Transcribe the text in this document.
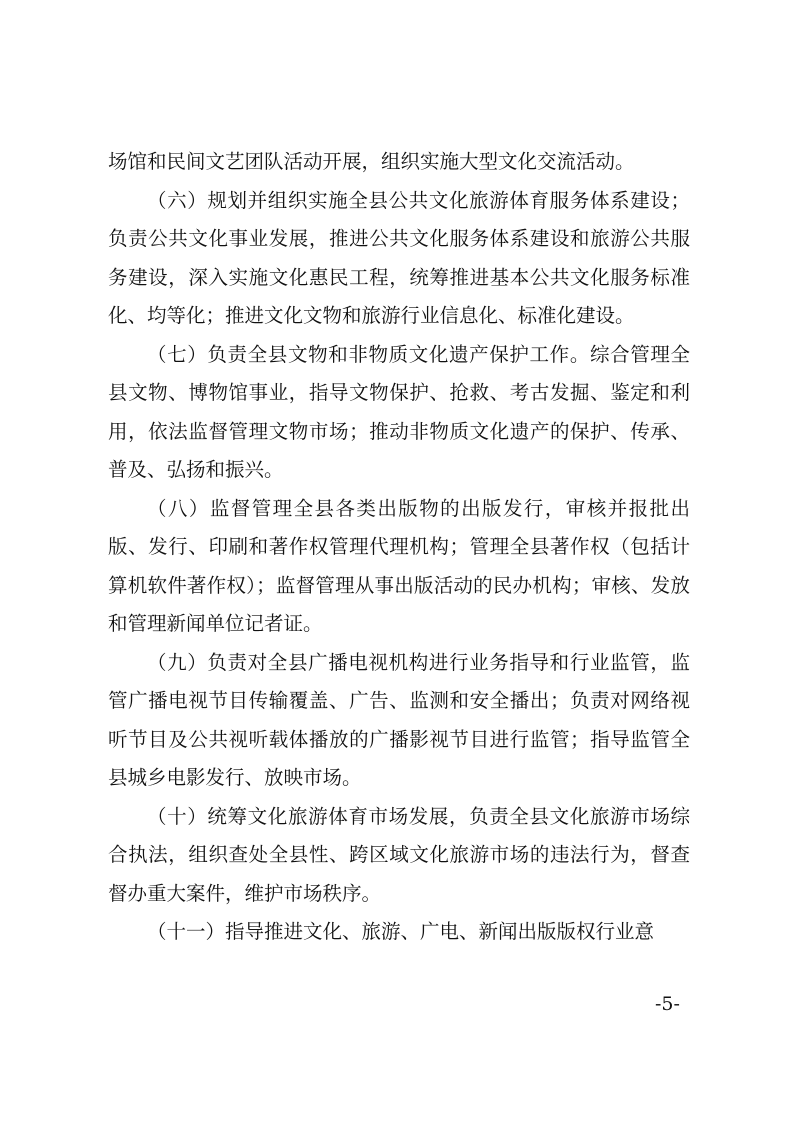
场馆和民间文艺团队活动开展，组织实施大型文化交流活动。

（六）规划并组织实施全县公共文化旅游体育服务体系建设；负责公共文化事业发展，推进公共文化服务体系建设和旅游公共服务建设，深入实施文化惠民工程，统筹推进基本公共文化服务标准化、均等化；推进文化文物和旅游行业信息化、标准化建设。

（七）负责全县文物和非物质文化遗产保护工作。综合管理全县文物、博物馆事业，指导文物保护、抢救、考古发掘、鉴定和利用，依法监督管理文物市场；推动非物质文化遗产的保护、传承、普及、弘扬和振兴。

（八）监督管理全县各类出版物的出版发行，审核并报批出版、发行、印刷和著作权管理代理机构；管理全县著作权（包括计算机软件著作权）；监督管理从事出版活动的民办机构；审核、发放和管理新闻单位记者证。

（九）负责对全县广播电视机构进行业务指导和行业监管，监管广播电视节目传输覆盖、广告、监测和安全播出；负责对网络视听节目及公共视听载体播放的广播影视节目进行监管；指导监管全县城乡电影发行、放映市场。

（十）统筹文化旅游体育市场发展，负责全县文化旅游市场综合执法，组织查处全县性、跨区域文化旅游市场的违法行为，督查督办重大案件，维护市场秩序。

（十一）指导推进文化、旅游、广电、新闻出版版权行业意

-5-
